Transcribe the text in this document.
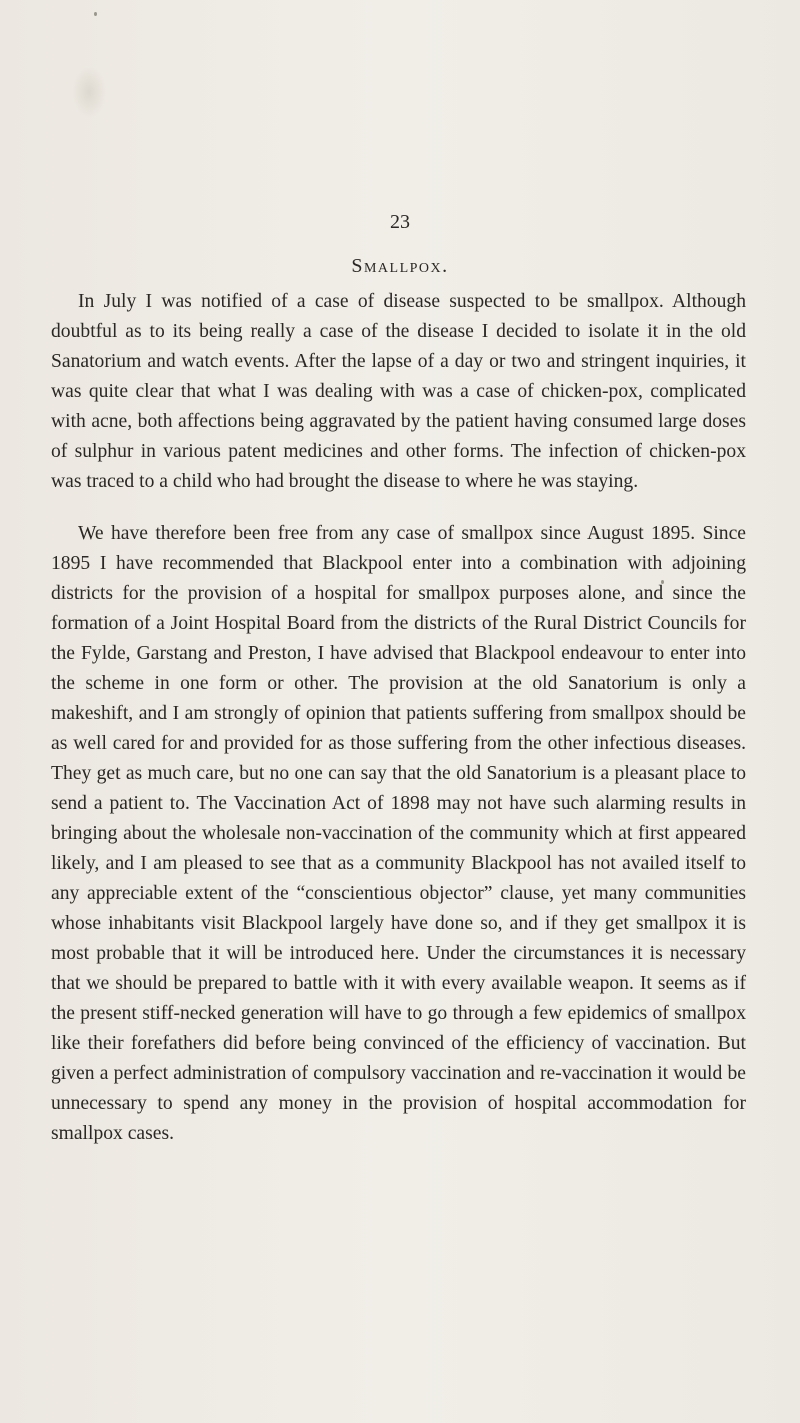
23
Smallpox.

In July I was notified of a case of disease suspected to be smallpox. Although doubtful as to its being really a case of the disease I decided to isolate it in the old Sanatorium and watch events. After the lapse of a day or two and stringent inquiries, it was quite clear that what I was dealing with was a case of chicken-pox, complicated with acne, both affections being aggravated by the patient having consumed large doses of sulphur in various patent medicines and other forms. The infection of chicken-pox was traced to a child who had brought the disease to where he was staying.

We have therefore been free from any case of smallpox since August 1895. Since 1895 I have recommended that Blackpool enter into a combination with adjoining districts for the provision of a hospital for smallpox purposes alone, and since the formation of a Joint Hospital Board from the districts of the Rural District Councils for the Fylde, Garstang and Preston, I have advised that Blackpool endeavour to enter into the scheme in one form or other. The provision at the old Sanatorium is only a makeshift, and I am strongly of opinion that patients suffering from smallpox should be as well cared for and provided for as those suffering from the other infectious diseases. They get as much care, but no one can say that the old Sanatorium is a pleasant place to send a patient to. The Vaccination Act of 1898 may not have such alarming results in bringing about the wholesale non-vaccination of the community which at first appeared likely, and I am pleased to see that as a community Blackpool has not availed itself to any appreciable extent of the “conscientious objector” clause, yet many communities whose inhabitants visit Blackpool largely have done so, and if they get smallpox it is most probable that it will be introduced here. Under the circumstances it is necessary that we should be prepared to battle with it with every available weapon. It seems as if the present stiff-necked generation will have to go through a few epidemics of smallpox like their forefathers did before being convinced of the efficiency of vaccination. But given a perfect administration of compulsory vaccination and re-vaccination it would be unnecessary to spend any money in the provision of hospital accommodation for smallpox cases.
